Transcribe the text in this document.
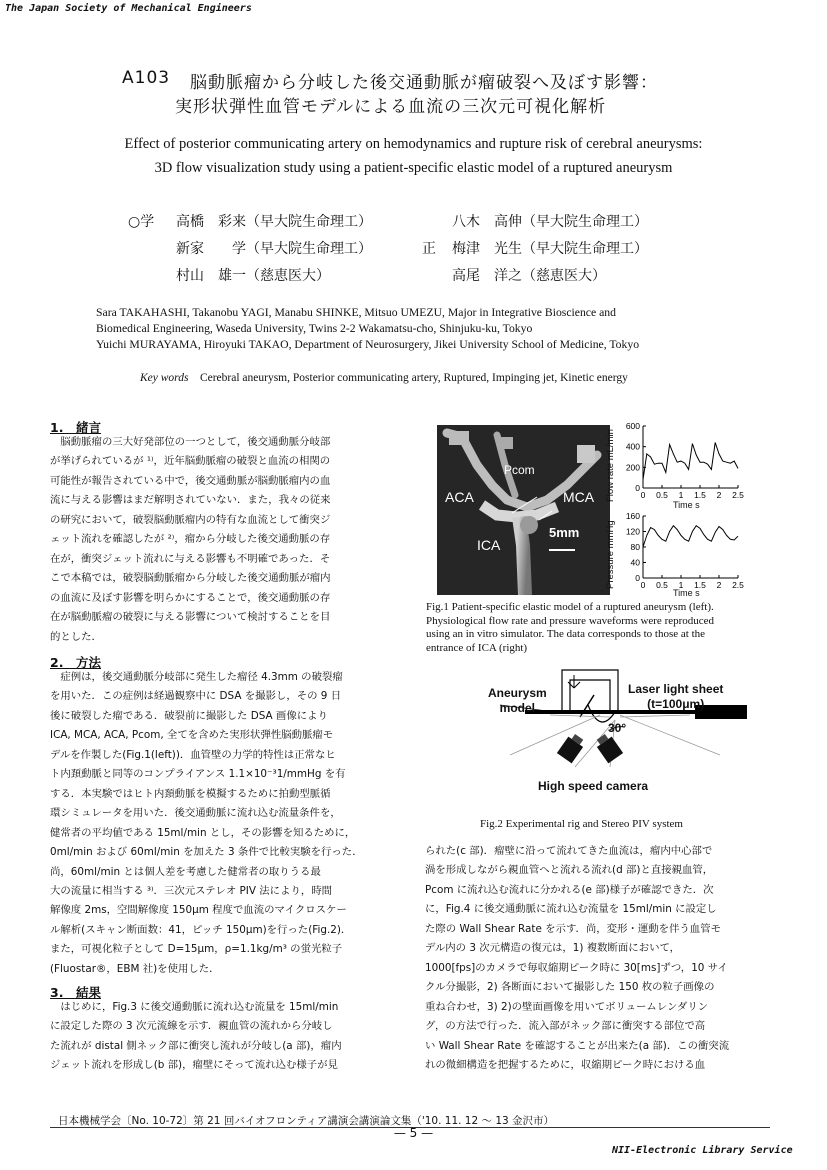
The Japan Society of Mechanical Engineers
A103 脳動脈瘤から分岐した後交通動脈が瘤破裂へ及ぼす影響：
実形状弾性血管モデルによる血流の三次元可視化解析
Effect of posterior communicating artery on hemodynamics and rupture risk of cerebral aneurysms:
3D flow visualization study using a patient-specific elastic model of a ruptured aneurysm
○学 高橋　彩来（早大院生命理工）	八木　高伸（早大院生命理工）
新家　　学（早大院生命理工）	正 梅津　光生（早大院生命理工）
村山　雄一（慈恵医大）	高尾　洋之（慈恵医大）
Sara TAKAHASHI, Takanobu YAGI, Manabu SHINKE, Mitsuo UMEZU, Major in Integrative Bioscience and
Biomedical Engineering, Waseda University, Twins 2-2 Wakamatsu-cho, Shinjuku-ku, Tokyo
Yuichi MURAYAMA, Hiroyuki TAKAO, Department of Neurosurgery, Jikei University School of Medicine, Tokyo
Key words Cerebral aneurysm, Posterior communicating artery, Ruptured, Impinging jet, Kinetic energy
1.　緒言
　脳動脈瘤の三大好発部位の一つとして，後交通動脈分岐部
が挙げられているが ¹⁾，近年脳動脈瘤の破裂と血流の相関の
可能性が報告されている中で，後交通動脈が脳動脈瘤内の血
流に与える影響はまだ解明されていない．また，我々の従来
の研究において，破裂脳動脈瘤内の特有な血流として衝突ジ
ェット流れを確認したが ²⁾，瘤から分岐した後交通動脈の存
在が，衝突ジェット流れに与える影響も不明確であった．そ
こで本稿では，破裂脳動脈瘤から分岐した後交通動脈が瘤内
の血流に及ぼす影響を明らかにすることで，後交通動脈の存
在が脳動脈瘤の破裂に与える影響について検討することを目
的とした．
2.　方法
　症例は，後交通動脈分岐部に発生した瘤径 4.3mm の破裂瘤
を用いた．この症例は経過観察中に DSA を撮影し，その 9 日
後に破裂した瘤である．破裂前に撮影した DSA 画像により
ICA, MCA, ACA, Pcom, 全てを含めた実形状弾性脳動脈瘤モ
デルを作製した(Fig.1(left))．血管壁の力学的特性は正常なヒ
ト内頚動脈と同等のコンプライアンス 1.1×10⁻³1/mmHg を有
する．本実験ではヒト内頚動脈を模擬するために拍動型脈循
環シミュレータを用いた．後交通動脈に流れ込む流量条件を，
健常者の平均値である 15ml/min とし，その影響を知るために，
0ml/min および 60ml/min を加えた 3 条件で比較実験を行った．
尚，60ml/min とは個人差を考慮した健常者の取りうる最
大の流量に相当する ³⁾．三次元ステレオ PIV 法により，時間
解像度 2ms，空間解像度 150μm 程度で血流のマイクロスケー
ル解析(スキャン断面数：41，ピッチ 150μm)を行った(Fig.2)．
また，可視化粒子として D=15μm，ρ=1.1kg/m³ の蛍光粒子
(Fluostar®，EBM 社)を使用した．
3.　結果
　はじめに，Fig.3 に後交通動脈に流れ込む流量を 15ml/min
に設定した際の 3 次元流線を示す．親血管の流れから分岐し
た流れが distal 側ネック部に衝突し流れが分岐し(a 部)，瘤内
ジェット流れを形成し(b 部)，瘤壁にそって流れ込む様子が見
られた(c 部)．瘤壁に沿って流れてきた血流は，瘤内中心部で
渦を形成しながら親血管へと流れる流れ(d 部)と直接親血管，
Pcom に流れ込む流れに分かれる(e 部)様子が確認できた．次
に，Fig.4 に後交通動脈に流れ込む流量を 15ml/min に設定し
た際の Wall Shear Rate を示す．尚，変形・運動を伴う血管モ
デル内の 3 次元構造の復元は，1) 複数断面において，
1000[fps]のカメラで毎収縮期ピーク時に 30[ms]ずつ，10 サイ
クル分撮影，2) 各断面において撮影した 150 枚の粒子画像の
重ね合わせ，3) 2)の壁面画像を用いてボリュームレンダリン
グ，の方法で行った．流入部がネック部に衝突する部位で高
い Wall Shear Rate を確認することが出来た(a 部)．この衝突流
れの微細構造を把握するために，収縮期ピーク時における血
Pcom
ACA	MCA
ICA
5mm
600
400
200
0
0 0.5 1 1.5 2 2.5
160
120
80
40
0
0 0.5 1 1.5 2 2.5
Flow rate mL/min
Pressure mmHg
Time s
Time s
Fig.1 Patient-specific elastic model of a ruptured aneurysm (left).
Physiological flow rate and pressure waveforms were reproduced
using an in vitro simulator. The data corresponds to those at the
entrance of ICA (right)
Aneurysm
model
Laser light sheet
(t=100μm)
30°
High speed camera
Fig.2 Experimental rig and Stereo PIV system
日本機械学会〔No. 10-72〕第 21 回バイオフロンティア講演会講演論文集（'10. 11. 12 ～ 13 金沢市）
— 5 —
NII-Electronic Library Service
